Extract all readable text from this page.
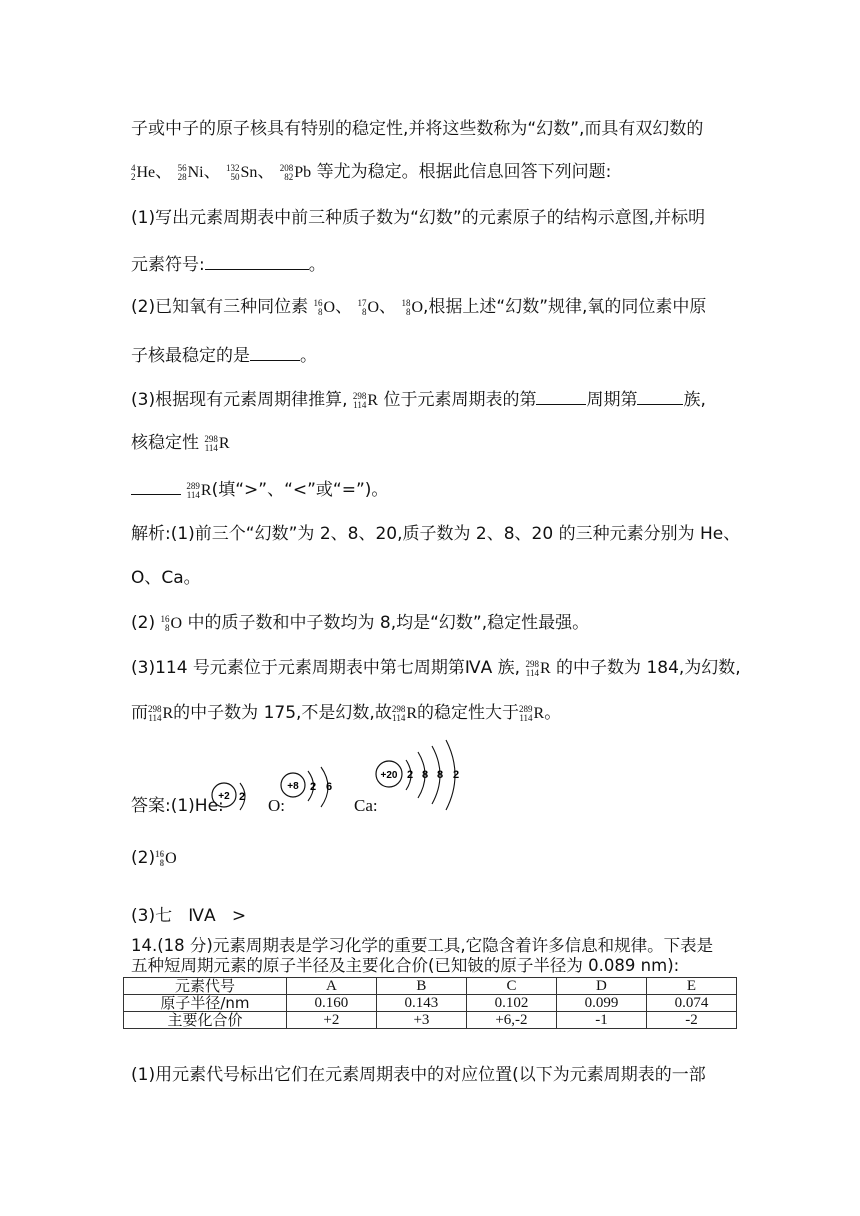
子或中子的原子核具有特别的稳定性,并将这些数称为“幻数”,而具有双幻数的
4
2 He、 56
28 Ni、 132
50 Sn、 208
82 Pb 等尤为稳定。根据此信息回答下列问题:
(1)写出元素周期表中前三种质子数为“幻数”的元素原子的结构示意图,并标明
元素符号:	。
(2)已知氧有三种同位素 16
8 O、 17
8 O、 18
8 O,根据上述“幻数”规律,氧的同位素中原
子核最稳定的是	。
(3)根据现有元素周期律推算, 298
114 R 位于元素周期表的第	周期第	族,
核稳定性 298
114 R

289
114 R(填“>”、“<”或“=”)。
解析:(1)前三个“幻数”为 2、8、20,质子数为 2、8、20 的三种元素分别为 He、
O、Ca。
(2) 16
8 O 中的质子数和中子数均为 8,均是“幻数”,稳定性最强。
(3)114 号元素位于元素周期表中第七周期第ⅣA 族, 298
114 R 的中子数为 184,为幻数,
而 298
114 R的中子数为 175,不是幻数,故 298
114 R的稳定性大于 289
114 R。
答案:(1)He:	O:	Ca:
+2 2
+8 2 6
+20 2 8 8 2
(2) 16
8 O
(3)七   ⅣA   >
14.(18 分)元素周期表是学习化学的重要工具,它隐含着许多信息和规律。下表是
五种短周期元素的原子半径及主要化合价(已知铍的原子半径为 0.089 nm):
元素代号	A	B	C	D	E
原子半径/nm	0.160	0.143	0.102	0.099	0.074
主要化合价	+2	+3	+6,-2	-1	-2
(1)用元素代号标出它们在元素周期表中的对应位置(以下为元素周期表的一部
